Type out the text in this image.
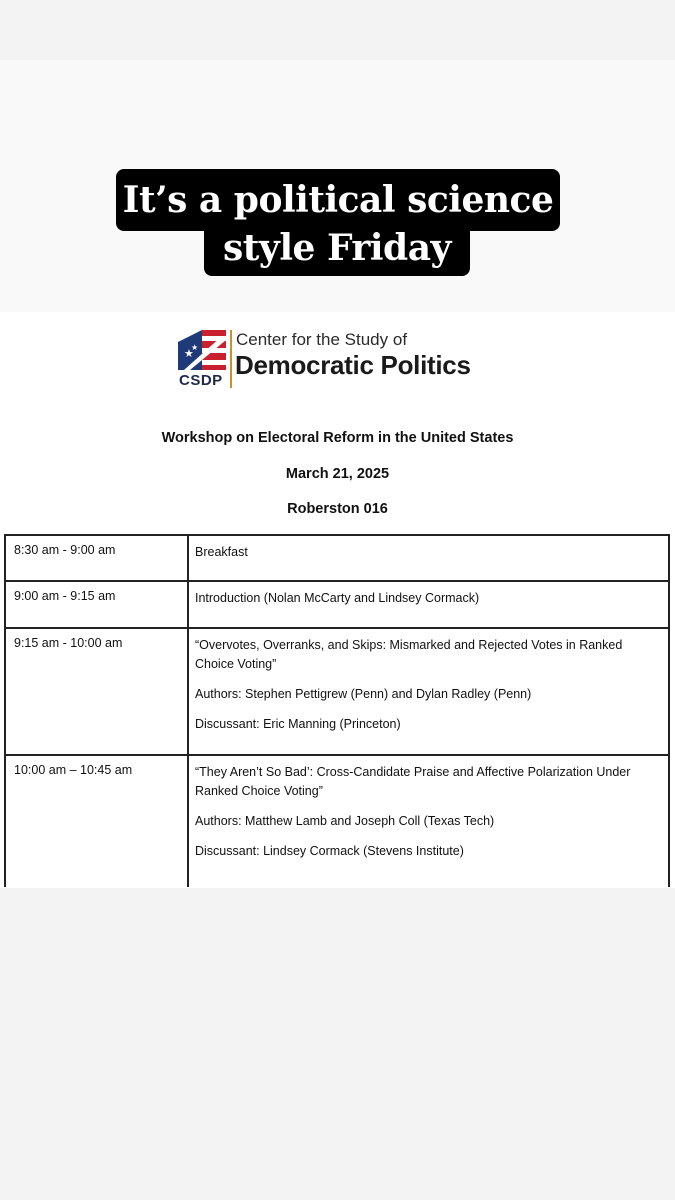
It’s a political science
style Friday
★
★
CSDP
Center for the Study of
Democratic Politics
Workshop on Electoral Reform in the United States
March 21, 2025
Roberston 016
8:30 am - 9:00 am	Breakfast

9:00 am - 9:15 am	Introduction (Nolan McCarty and Lindsey Cormack)

9:15 am - 10:00 am	“Overvotes, Overranks, and Skips: Mismarked and Rejected Votes in Ranked Choice Voting”

Authors: Stephen Pettigrew (Penn) and Dylan Radley (Penn)

Discussant: Eric Manning (Princeton)

10:00 am – 10:45 am	“They Aren’t So Bad’: Cross-Candidate Praise and Affective Polarization Under Ranked Choice Voting”

Authors: Matthew Lamb and Joseph Coll (Texas Tech)

Discussant: Lindsey Cormack (Stevens Institute)
